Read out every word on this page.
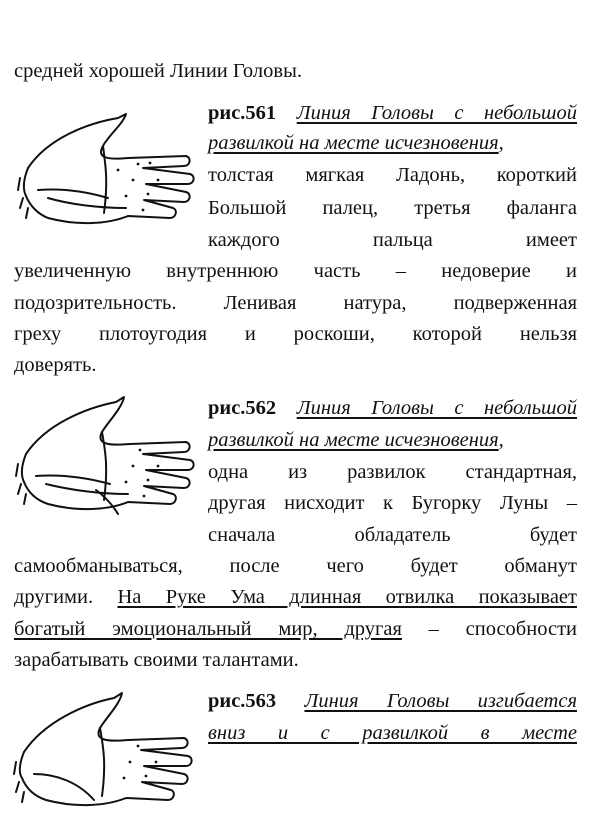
средней хорошей Линии Головы.
рис.561 Линия Головы с небольшой
развилкой на месте исчезновения,
толстая мягкая Ладонь, короткий
Большой палец, третья фаланга
каждого пальца имеет
увеличенную внутреннюю часть – недоверие и
подозрительность. Ленивая натура, подверженная
греху плотоугодия и роскоши, которой нельзя
доверять.
рис.562 Линия Головы с небольшой
развилкой на месте исчезновения,
одна из развилок стандартная,
другая нисходит к Бугорку Луны –
сначала обладатель будет
самообманываться, после чего будет обманут
другими. На Руке Ума длинная отвилка показывает
богатый эмоциональный мир, другая – способности
зарабатывать своими талантами.
рис.563 Линия Головы изгибается
вниз и с развилкой в месте
